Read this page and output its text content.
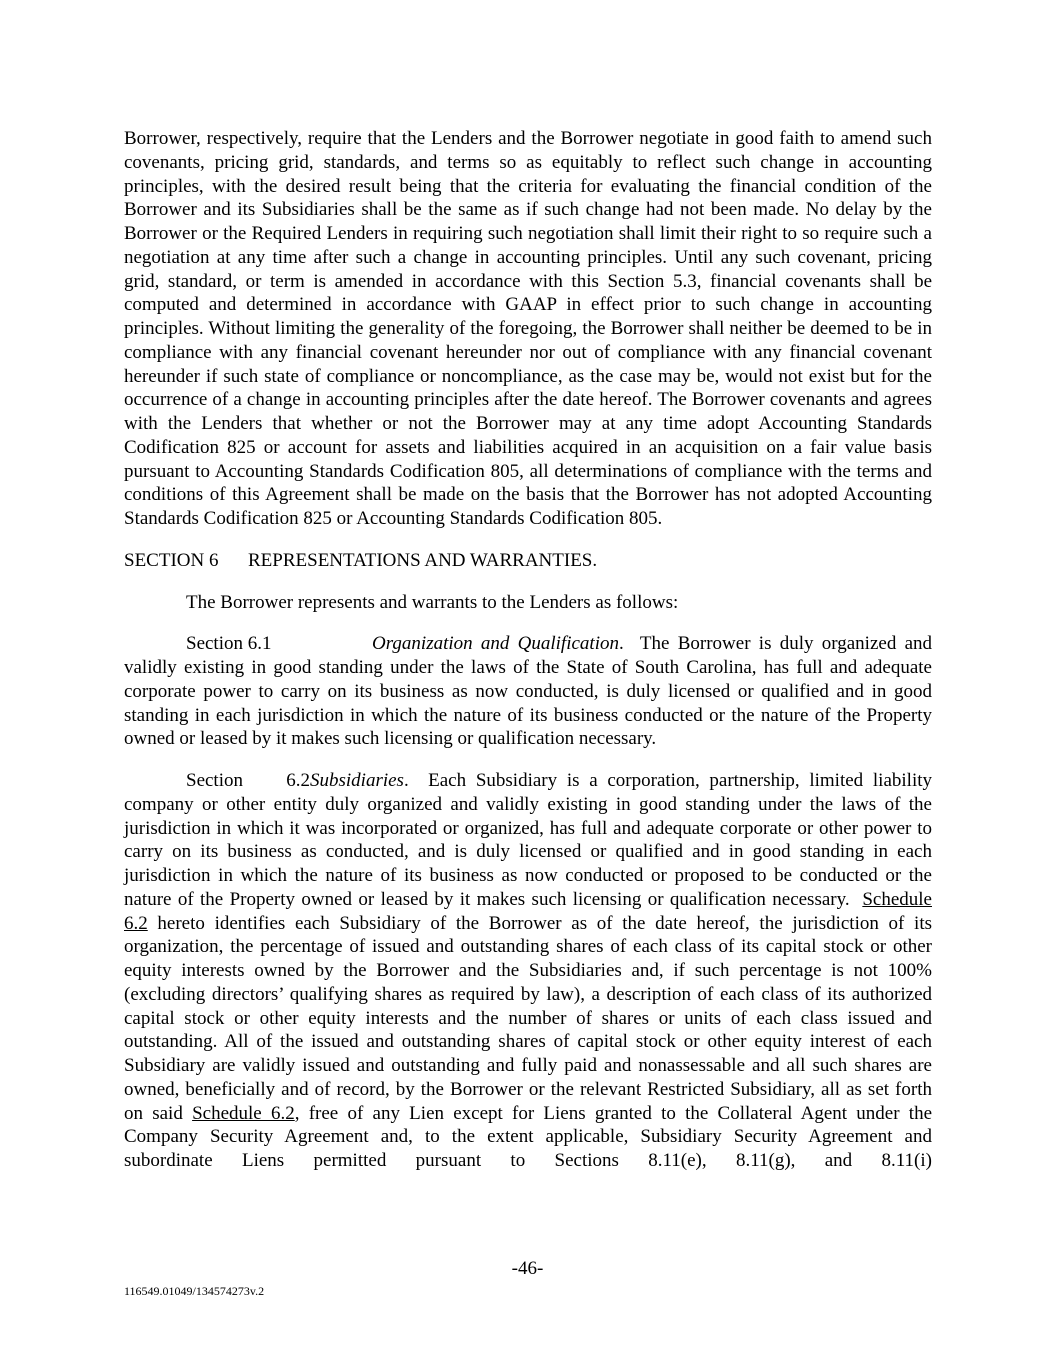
Borrower, respectively, require that the Lenders and the Borrower negotiate in good faith to amend such covenants, pricing grid, standards, and terms so as equitably to reflect such change in accounting principles, with the desired result being that the criteria for evaluating the financial condition of the Borrower and its Subsidiaries shall be the same as if such change had not been made. No delay by the Borrower or the Required Lenders in requiring such negotiation shall limit their right to so require such a negotiation at any time after such a change in accounting principles. Until any such covenant, pricing grid, standard, or term is amended in accordance with this Section 5.3, financial covenants shall be computed and determined in accordance with GAAP in effect prior to such change in accounting principles. Without limiting the generality of the foregoing, the Borrower shall neither be deemed to be in compliance with any financial covenant hereunder nor out of compliance with any financial covenant hereunder if such state of compliance or noncompliance, as the case may be, would not exist but for the occurrence of a change in accounting principles after the date hereof. The Borrower covenants and agrees with the Lenders that whether or not the Borrower may at any time adopt Accounting Standards Codification 825 or account for assets and liabilities acquired in an acquisition on a fair value basis pursuant to Accounting Standards Codification 805, all determinations of compliance with the terms and conditions of this Agreement shall be made on the basis that the Borrower has not adopted Accounting Standards Codification 825 or Accounting Standards Codification 805.

SECTION 6 REPRESENTATIONS AND WARRANTIES.

The Borrower represents and warrants to the Lenders as follows:

Section 6.1	Organization and Qualification.  The Borrower is duly organized and validly existing in good standing under the laws of the State of South Carolina, has full and adequate corporate power to carry on its business as now conducted, is duly licensed or qualified and in good standing in each jurisdiction in which the nature of its business conducted or the nature of the Property owned or leased by it makes such licensing or qualification necessary.

Section 6.2Subsidiaries.  Each Subsidiary is a corporation, partnership, limited liability company or other entity duly organized and validly existing in good standing under the laws of the jurisdiction in which it was incorporated or organized, has full and adequate corporate or other power to carry on its business as conducted, and is duly licensed or qualified and in good standing in each jurisdiction in which the nature of its business as now conducted or proposed to be conducted or the nature of the Property owned or leased by it makes such licensing or qualification necessary.  Schedule 6.2 hereto identifies each Subsidiary of the Borrower as of the date hereof, the jurisdiction of its organization, the percentage of issued and outstanding shares of each class of its capital stock or other equity interests owned by the Borrower and the Subsidiaries and, if such percentage is not 100% (excluding directors’ qualifying shares as required by law), a description of each class of its authorized capital stock or other equity interests and the number of shares or units of each class issued and outstanding. All of the issued and outstanding shares of capital stock or other equity interest of each Subsidiary are validly issued and outstanding and fully paid and nonassessable and all such shares are owned, beneficially and of record, by the Borrower or the relevant Restricted Subsidiary, all as set forth on said Schedule 6.2, free of any Lien except for Liens granted to the Collateral Agent under the Company Security Agreement and, to the extent applicable, Subsidiary Security Agreement and subordinate Liens permitted pursuant to Sections 8.11(e), 8.11(g), and 8.11(i)

-46-
116549.01049/134574273v.2
